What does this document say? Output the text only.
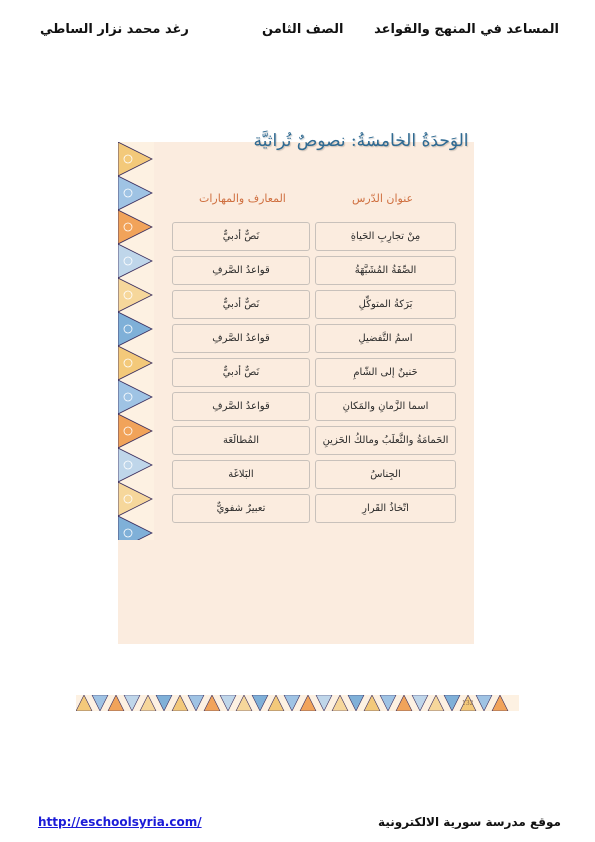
المساعد في المنهج والقواعد
الصف الثامن
رغد محمد نزار الساطي
الوَحدَةُ الخامسَةُ: نصوصٌ تُراثيَّة
عنوان الدّرس
المعارف والمهارات
مِنْ تجارِبِ الحَياةِ
نَصٌّ أدبيٌّ
الصِّفَةُ المُشَبَّهَةُ
قواعدُ الصَّرفِ
بَرَكةُ المتوكِّلِ
نَصٌّ أدبيٌّ
اسمُ التَّفضيلِ
قواعدُ الصَّرفِ
حَنينٌ إلى الشّامِ
نَصٌّ أدبيٌّ
اسما الزَّمانِ والمَكانِ
قواعدُ الصَّرفِ
الحَمامَةُ والثَّعلَبُ ومالكُ الحَزينِ
المُطالَعَة
الجِناسُ
البَلاغَة
اتّخاذُ القَرارِ
تعبيرٌ شفويٌّ
132
http://eschoolsyria.com/	موقع مدرسة سورية الالكترونية
